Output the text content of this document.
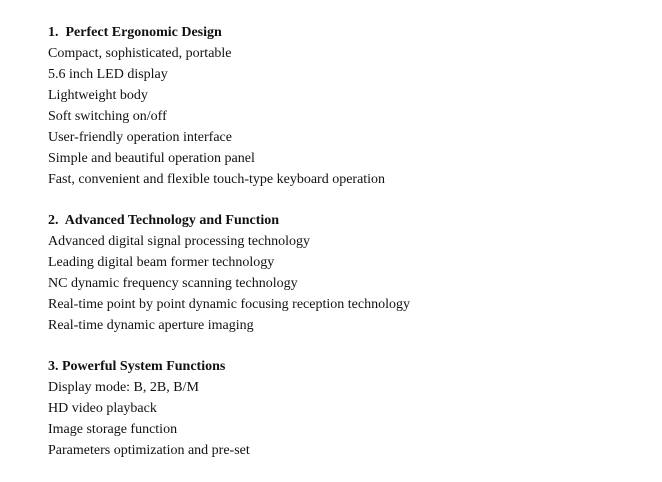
1.  Perfect Ergonomic Design
Compact, sophisticated, portable
5.6 inch LED display
Lightweight body
Soft switching on/off
User-friendly operation interface
Simple and beautiful operation panel
Fast, convenient and flexible touch-type keyboard operation
2.  Advanced Technology and Function
Advanced digital signal processing technology
Leading digital beam former technology
NC dynamic frequency scanning technology
Real-time point by point dynamic focusing reception technology
Real-time dynamic aperture imaging
3. Powerful System Functions
Display mode: B, 2B, B/M
HD video playback
Image storage function
Parameters optimization and pre-set
